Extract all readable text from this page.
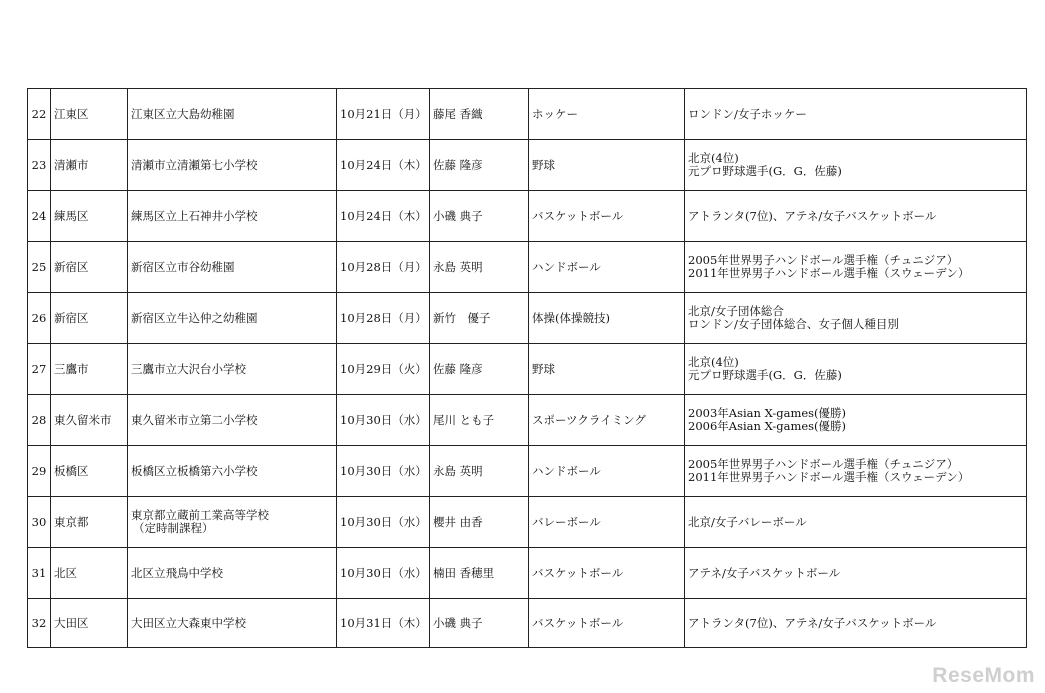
22	江東区	江東区立大島幼稚園	10月21日（月）	藤尾 香織	ホッケー	ロンドン/女子ホッケー

23	清瀬市	清瀬市立清瀬第七小学校	10月24日（木）	佐藤 隆彦	野球	北京(4位)
元プロ野球選手(G．G．佐藤)

24	練馬区	練馬区立上石神井小学校	10月24日（木）	小磯 典子	バスケットボール	アトランタ(7位)、アテネ/女子バスケットボール

25	新宿区	新宿区立市谷幼稚園	10月28日（月）	永島 英明	ハンドボール	2005年世界男子ハンドボール選手権（チュニジア）
2011年世界男子ハンドボール選手権（スウェーデン）

26	新宿区	新宿区立牛込仲之幼稚園	10月28日（月）	新竹　優子	体操(体操競技)	北京/女子団体総合
ロンドン/女子団体総合、女子個人種目別

27	三鷹市	三鷹市立大沢台小学校	10月29日（火）	佐藤 隆彦	野球	北京(4位)
元プロ野球選手(G．G．佐藤)

28	東久留米市	東久留米市立第二小学校	10月30日（水）	尾川 とも子	スポーツクライミング	2003年Asian X-games(優勝)
2006年Asian X-games(優勝)

29	板橋区	板橋区立板橋第六小学校	10月30日（水）	永島 英明	ハンドボール	2005年世界男子ハンドボール選手権（チュニジア）
2011年世界男子ハンドボール選手権（スウェーデン）

30	東京都	東京都立蔵前工業高等学校
（定時制課程）	10月30日（水）	櫻井 由香	バレーボール	北京/女子バレーボール

31	北区	北区立飛鳥中学校	10月30日（水）	楠田 香穂里	バスケットボール	アテネ/女子バスケットボール

32	大田区	大田区立大森東中学校	10月31日（木）	小磯 典子	バスケットボール	アトランタ(7位)、アテネ/女子バスケットボール
ReseMom
